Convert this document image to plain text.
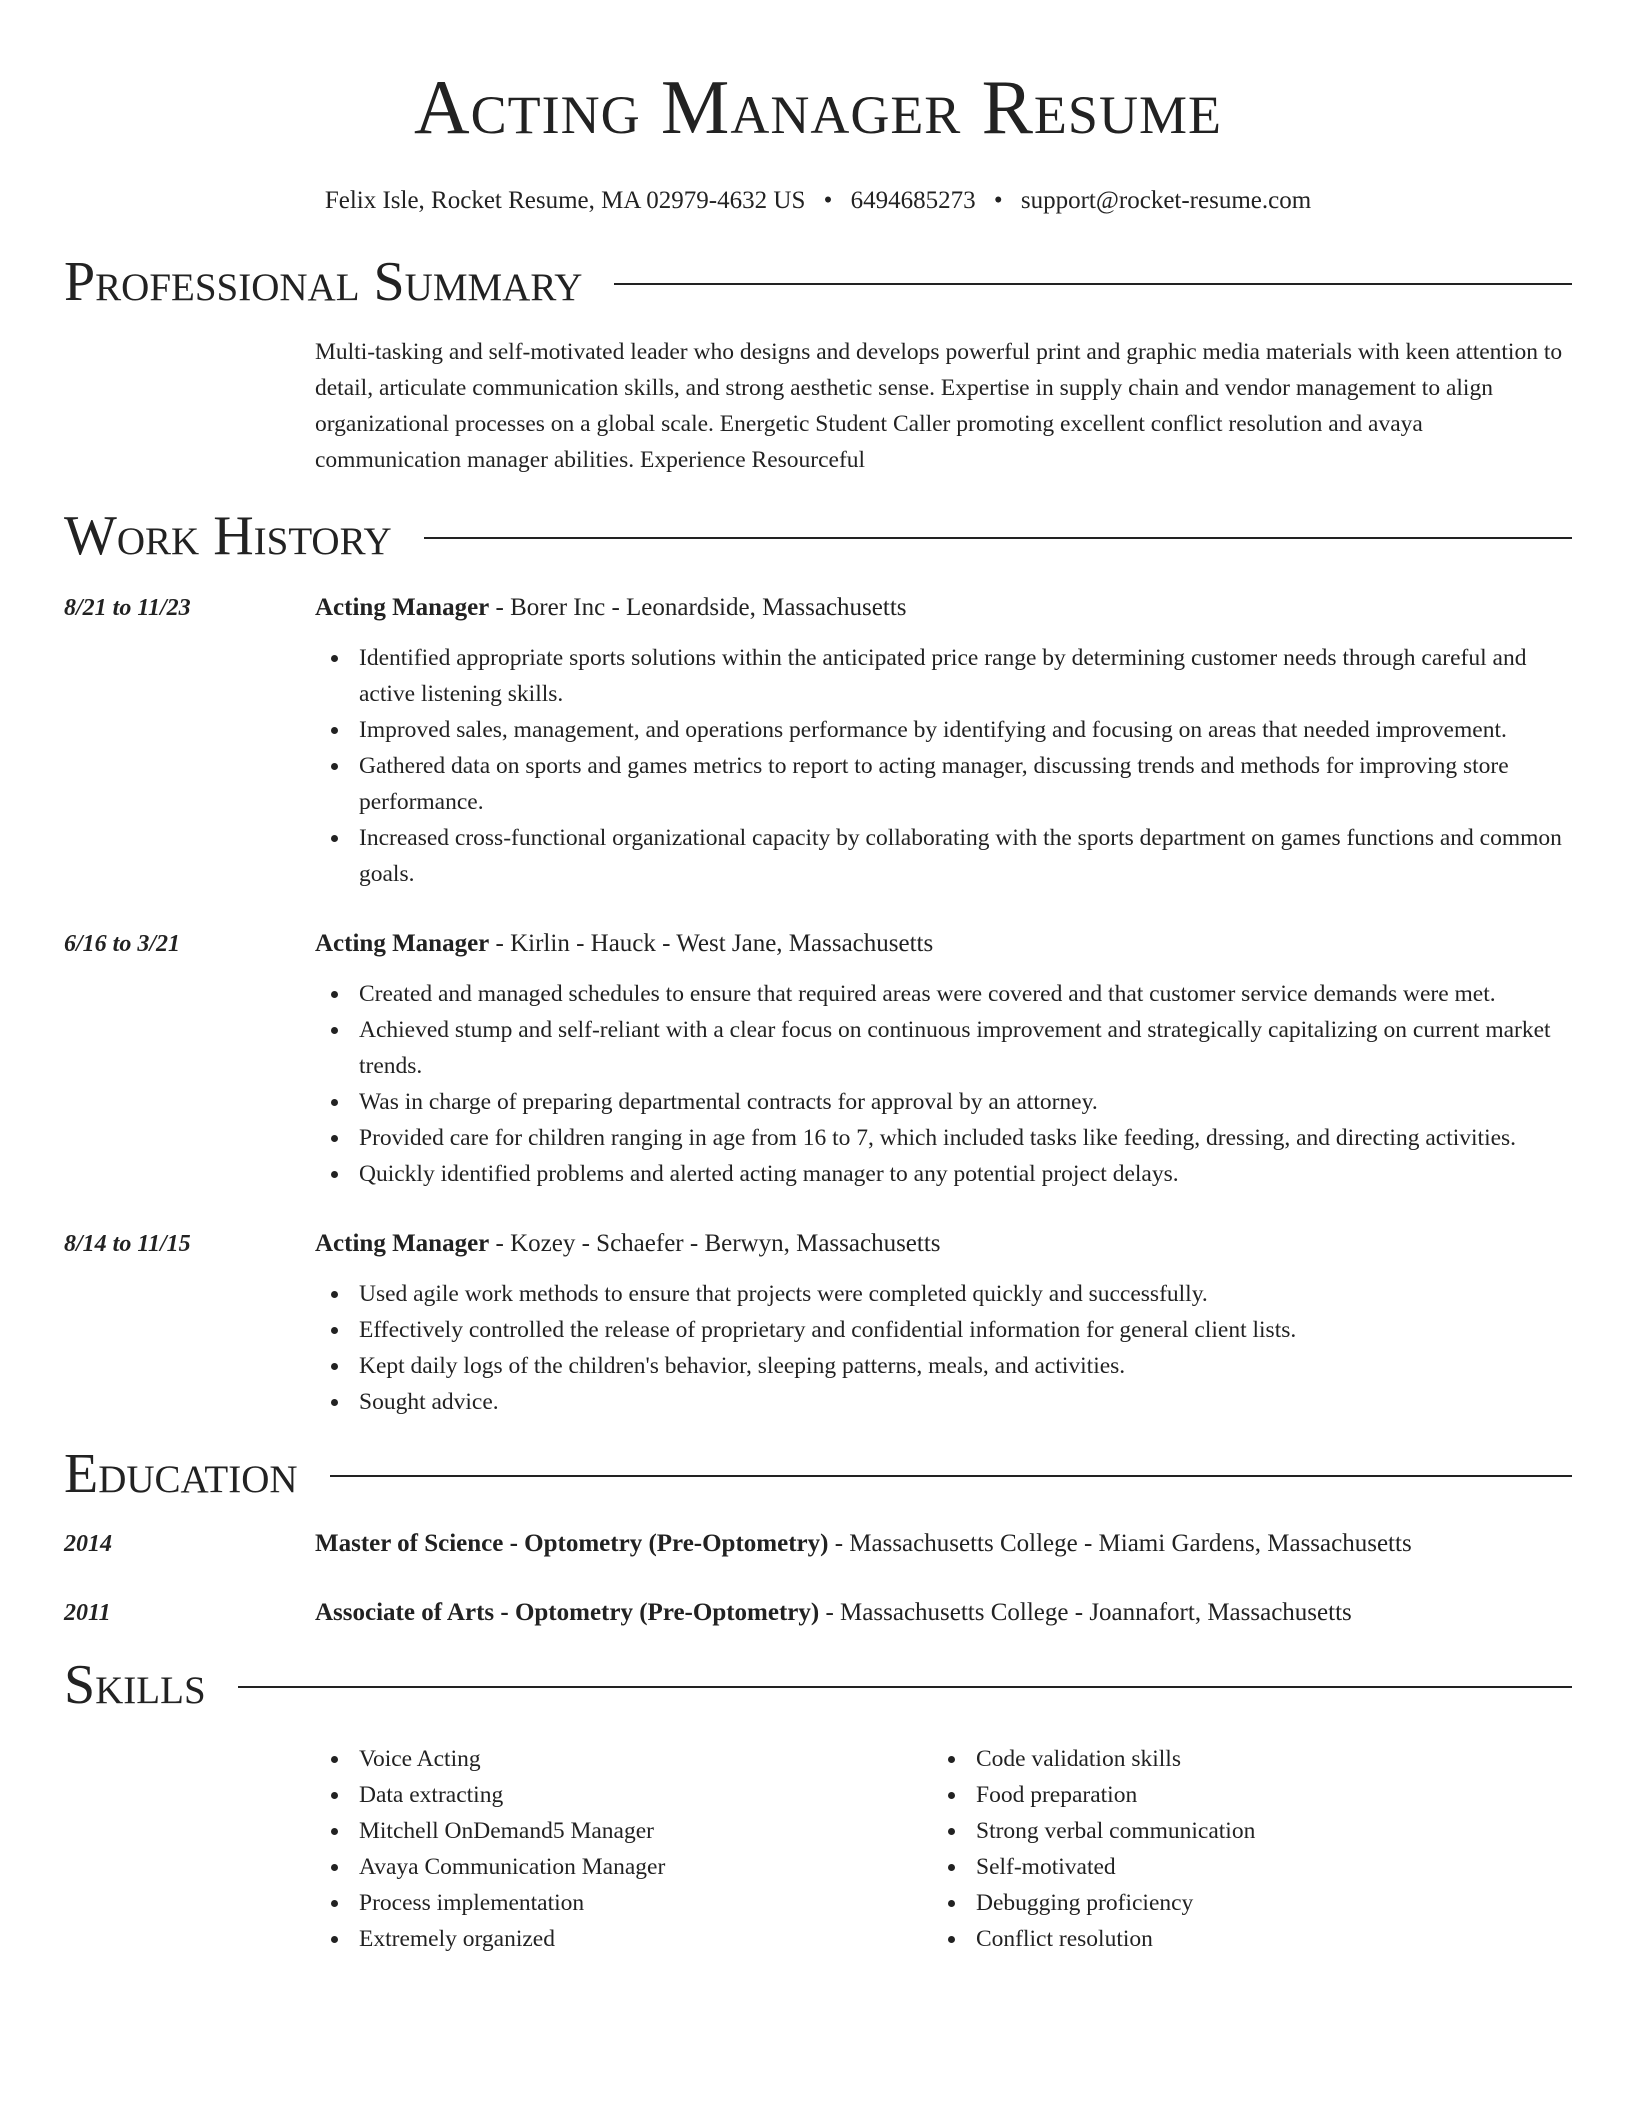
Acting Manager Resume
Felix Isle, Rocket Resume, MA 02979-4632 US • 6494685273 • support@rocket-resume.com
Professional Summary
Multi-tasking and self-motivated leader who designs and develops powerful print and graphic media materials with keen attention to detail, articulate communication skills, and strong aesthetic sense. Expertise in supply chain and vendor management to align organizational processes on a global scale. Energetic Student Caller promoting excellent conflict resolution and avaya communication manager abilities. Experience Resourceful
Work History
8/21 to 11/23	Acting Manager - Borer Inc - Leonardside, Massachusetts
Identified appropriate sports solutions within the anticipated price range by determining customer needs through careful and active listening skills.
Improved sales, management, and operations performance by identifying and focusing on areas that needed improvement.
Gathered data on sports and games metrics to report to acting manager, discussing trends and methods for improving store performance.
Increased cross-functional organizational capacity by collaborating with the sports department on games functions and common goals.
6/16 to 3/21	Acting Manager - Kirlin - Hauck - West Jane, Massachusetts
Created and managed schedules to ensure that required areas were covered and that customer service demands were met.
Achieved stump and self-reliant with a clear focus on continuous improvement and strategically capitalizing on current market trends.
Was in charge of preparing departmental contracts for approval by an attorney.
Provided care for children ranging in age from 16 to 7, which included tasks like feeding, dressing, and directing activities.
Quickly identified problems and alerted acting manager to any potential project delays.
8/14 to 11/15	Acting Manager - Kozey - Schaefer - Berwyn, Massachusetts
Used agile work methods to ensure that projects were completed quickly and successfully.
Effectively controlled the release of proprietary and confidential information for general client lists.
Kept daily logs of the children's behavior, sleeping patterns, meals, and activities.
Sought advice.
Education
2014	Master of Science - Optometry (Pre-Optometry) - Massachusetts College - Miami Gardens, Massachusetts
2011	Associate of Arts - Optometry (Pre-Optometry) - Massachusetts College - Joannafort, Massachusetts
Skills
Voice Acting
Data extracting
Mitchell OnDemand5 Manager
Avaya Communication Manager
Process implementation
Extremely organized
Code validation skills
Food preparation
Strong verbal communication
Self-motivated
Debugging proficiency
Conflict resolution
